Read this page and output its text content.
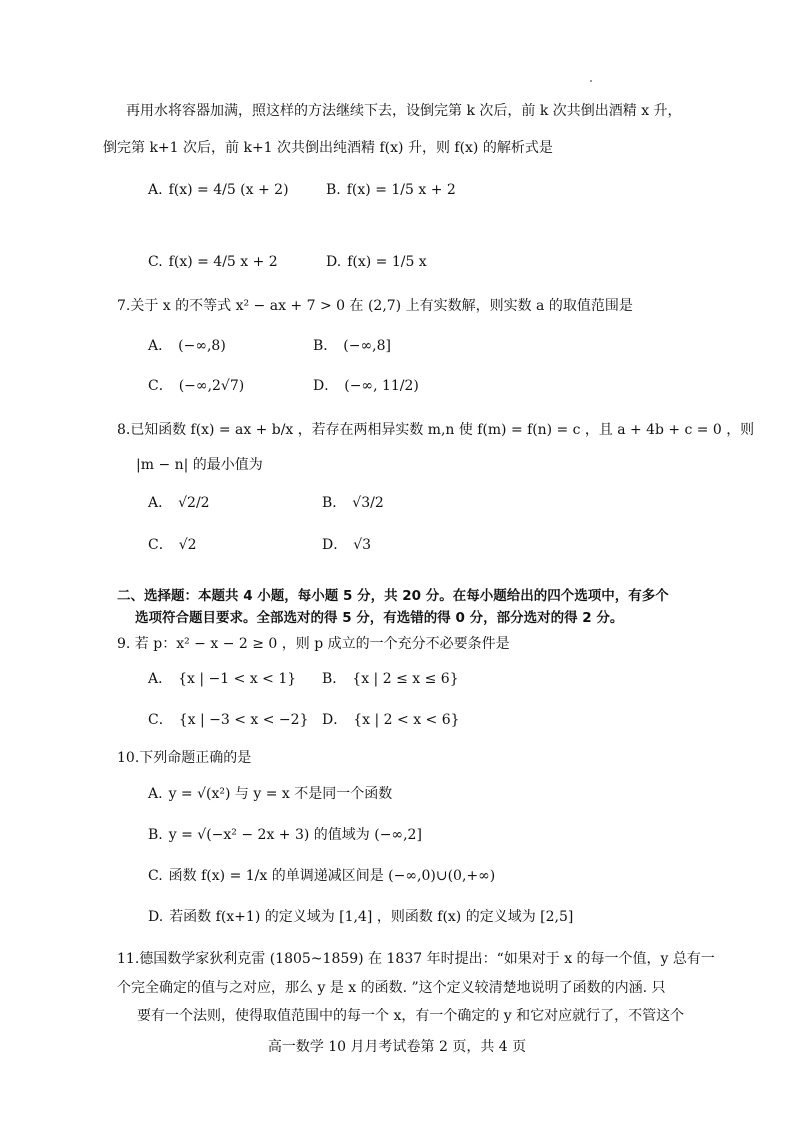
再用水将容器加满，照这样的方法继续下去，设倒完第 k 次后，前 k 次共倒出酒精 x 升，
倒完第 k+1 次后，前 k+1 次共倒出纯酒精 f(x) 升，则 f(x) 的解析式是
A. f(x) = 4/5 (x + 2)	B. f(x) = 1/5 x + 2
C. f(x) = 4/5 x + 2	D. f(x) = 1/5 x
7.关于 x 的不等式 x² − ax + 7 > 0 在 (2,7) 上有实数解，则实数 a 的取值范围是
A． (−∞,8)	B． (−∞,8]
C． (−∞,2√7)	D． (−∞, 11/2)
8.已知函数 f(x) = ax + b/x ，若存在两相异实数 m,n 使 f(m) = f(n) = c ，且 a + 4b + c = 0 ，则
|m − n| 的最小值为
A． √2/2	B． √3/2
C． √2	D． √3
二、选择题：本题共 4 小题，每小题 5 分，共 20 分。在每小题给出的四个选项中，有多个
选项符合题目要求。全部选对的得 5 分，有选错的得 0 分，部分选对的得 2 分。
9. 若 p：x² − x − 2 ≥ 0 ，则 p 成立的一个充分不必要条件是
A． {x | −1 < x < 1} B． {x | 2 ≤ x ≤ 6}
C． {x | −3 < x < −2} D． {x | 2 < x < 6}
10.下列命题正确的是
A. y = √(x²) 与 y = x 不是同一个函数
B. y = √(−x² − 2x + 3) 的值域为 (−∞,2]
C. 函数 f(x) = 1/x 的单调递减区间是 (−∞,0)∪(0,+∞)
D. 若函数 f(x+1) 的定义域为 [1,4] ，则函数 f(x) 的定义域为 [2,5]
11.德国数学家狄利克雷 (1805~1859) 在 1837 年时提出：“如果对于 x 的每一个值，y 总有一
个完全确定的值与之对应，那么 y 是 x 的函数. ”这个定义较清楚地说明了函数的内涵. 只
要有一个法则，使得取值范围中的每一个 x，有一个确定的 y 和它对应就行了，不管这个
高一数学 10 月月考试卷第 2 页，共 4 页
